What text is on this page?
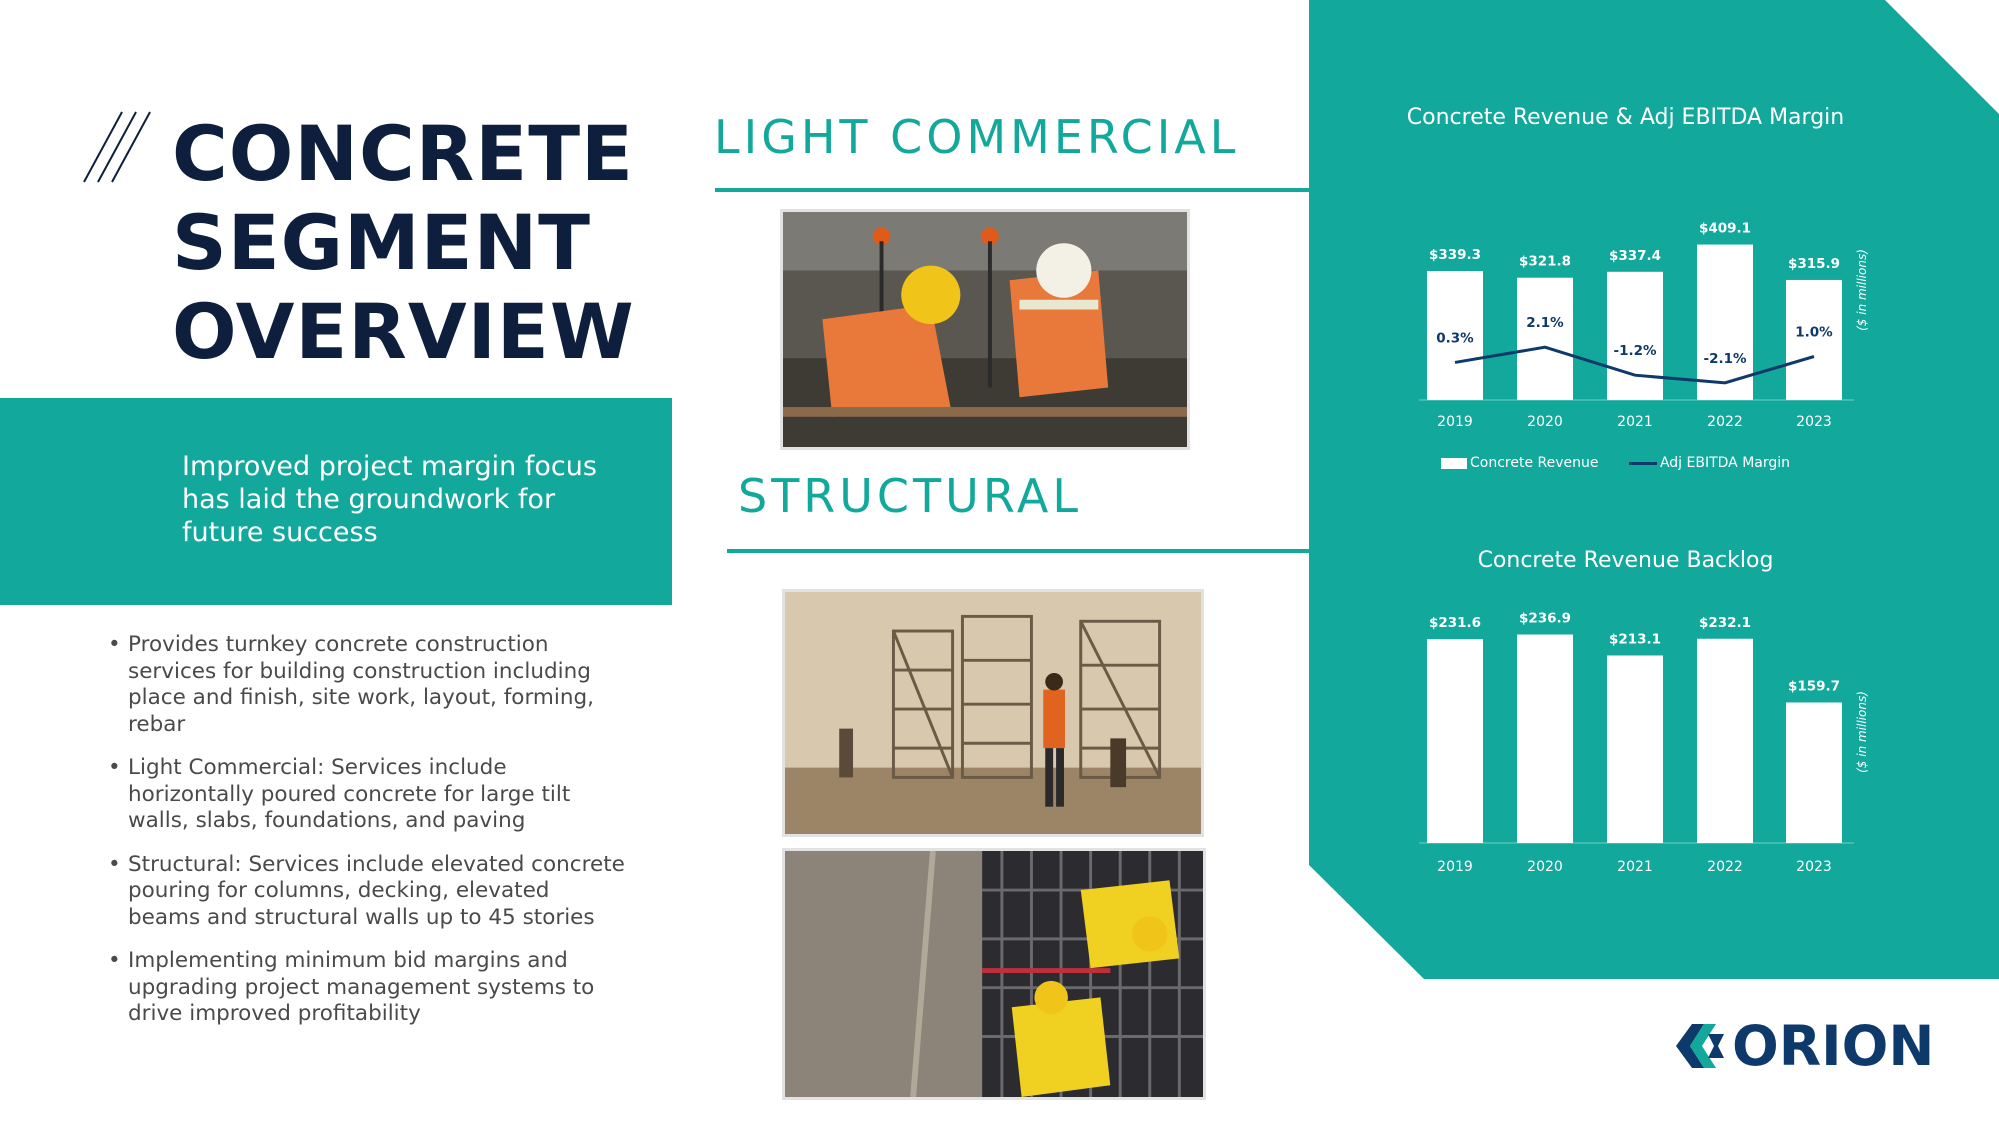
CONCRETE
SEGMENT
OVERVIEW
Improved project margin focus has laid the groundwork for future success
• Provides turnkey concrete construction services for building construction including place and finish, site work, layout, forming, rebar
• Light Commercial: Services include horizontally poured concrete for large tilt walls, slabs, foundations, and paving
• Structural: Services include elevated concrete pouring for columns, decking, elevated beams and structural walls up to 45 stories
• Implementing minimum bid margins and upgrading project management systems to drive improved profitability
LIGHT COMMERCIAL
STRUCTURAL
Concrete Revenue & Adj EBITDA Margin
$339.3
2019
$321.8
2020
$337.4
2021
$409.1
2022
$315.9
2023
0.3%
2.1%
-1.2%	-2.1%
1.0%
($ in millions)
Concrete Revenue	Adj EBITDA Margin
Concrete Revenue Backlog
$231.6
2019
$236.9
2020
$213.1
2021
$232.1
2022
$159.7
2023
($ in millions)
ORION
